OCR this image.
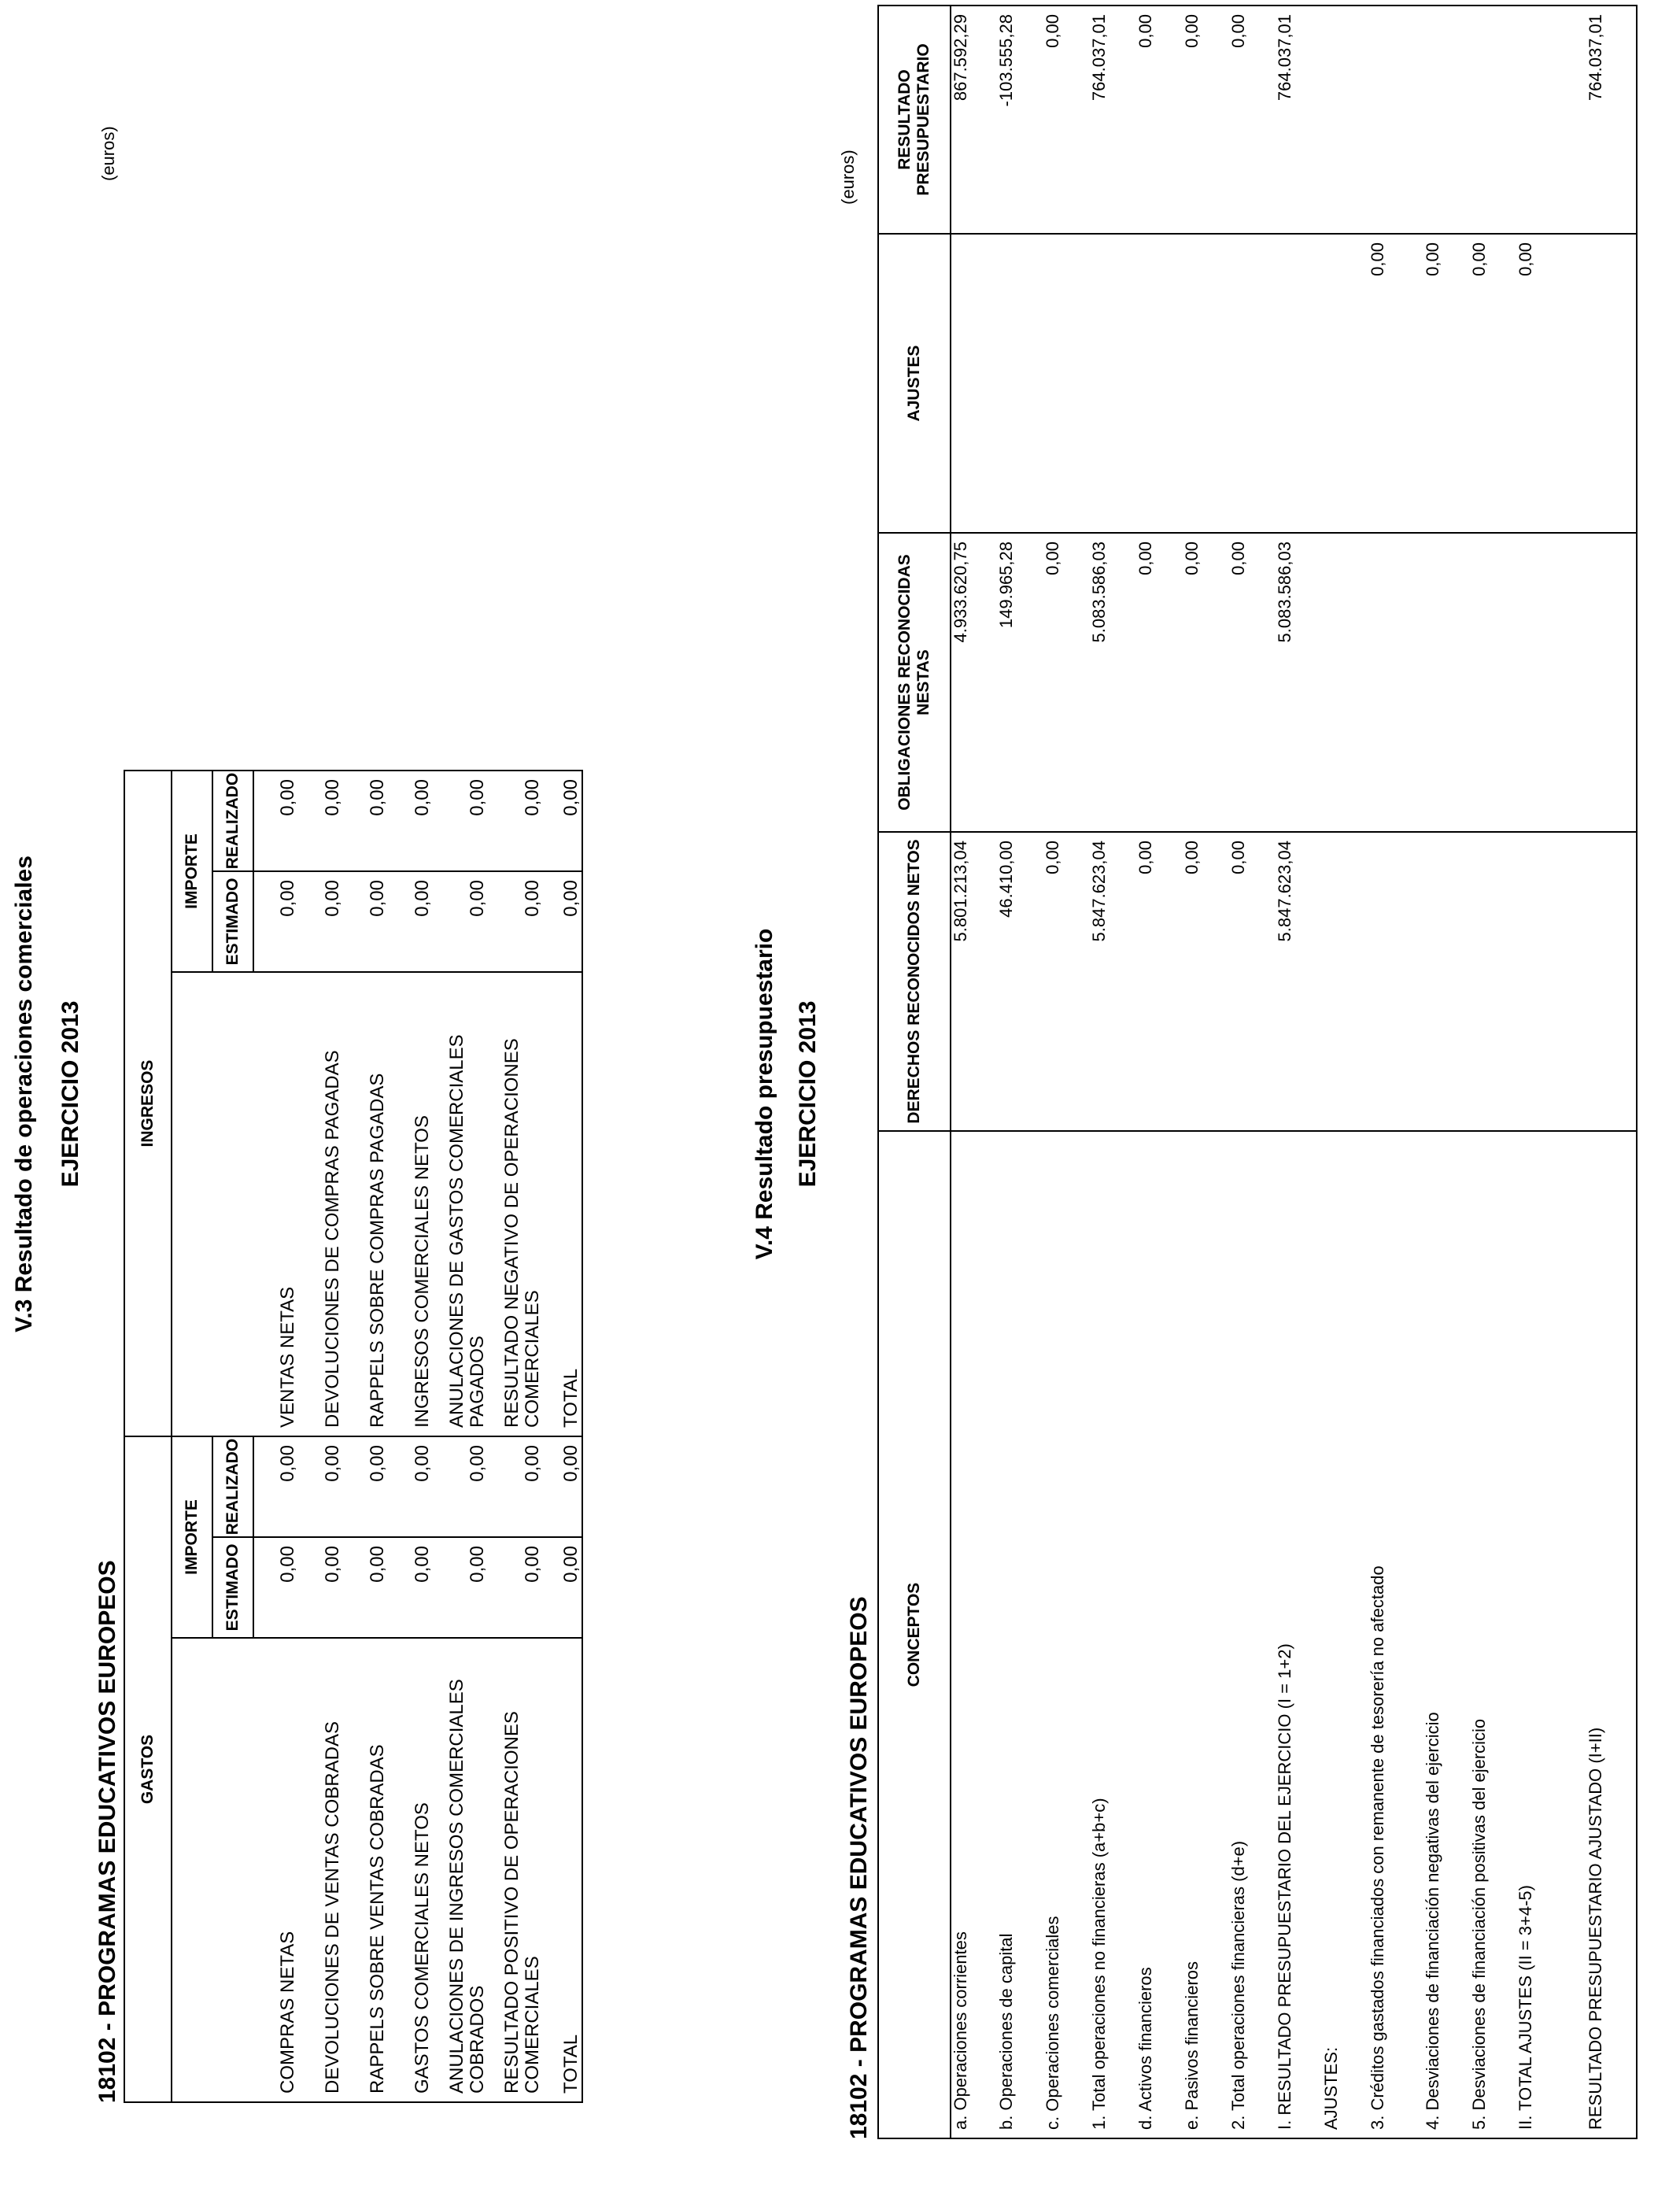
V.3 Resultado de operaciones comerciales EJERCICIO 2013
18102 - PROGRAMAS EDUCATIVOS EUROPEOS
(euros)
GASTOS			INGRESOS		
	IMPORTE			IMPORTE	
	ESTIMADO	REALIZADO		ESTIMADO	REALIZADO
COMPRAS NETAS	0,00	0,00	VENTAS NETAS	0,00	0,00
DEVOLUCIONES DE VENTAS COBRADAS	0,00	0,00	DEVOLUCIONES DE COMPRAS PAGADAS	0,00	0,00
RAPPELS SOBRE VENTAS COBRADAS	0,00	0,00	RAPPELS SOBRE COMPRAS PAGADAS	0,00	0,00
GASTOS COMERCIALES NETOS	0,00	0,00	INGRESOS COMERCIALES NETOS	0,00	0,00
ANULACIONES DE INGRESOS COMERCIALES COBRADOS	0,00	0,00	ANULACIONES DE GASTOS COMERCIALES PAGADOS	0,00	0,00
RESULTADO POSITIVO DE OPERACIONES COMERCIALES	0,00	0,00	RESULTADO NEGATIVO DE OPERACIONES COMERCIALES	0,00	0,00
TOTAL	0,00	0,00	TOTAL	0,00	0,00
V.4 Resultado presupuestario EJERCICIO 2013
18102 - PROGRAMAS EDUCATIVOS EUROPEOS
(euros)
CONCEPTOS	DERECHOS RECONOCIDOS NETOS	OBLIGACIONES RECONOCIDAS NESTAS	AJUSTES	RESULTADO PRESUPUESTARIO
a. Operaciones corrientes	5.801.213,04	4.933.620,75		867.592,29
b. Operaciones de capital	46.410,00	149.965,28		-103.555,28
c. Operaciones comerciales	0,00	0,00		0,00
1. Total operaciones no financieras (a+b+c)	5.847.623,04	5.083.586,03		764.037,01
d. Activos financieros	0,00	0,00		0,00
e. Pasivos financieros	0,00	0,00		0,00
2. Total operaciones financieras (d+e)	0,00	0,00		0,00
I. RESULTADO PRESUPUESTARIO DEL EJERCICIO (I = 1+2)	5.847.623,04	5.083.586,03		764.037,01
AJUSTES:				
3. Créditos gastados financiados con remanente de tesorería no afectado			0,00	
4. Desviaciones de financiación negativas del ejercicio			0,00	
5. Desviaciones de financiación positivas del ejercicio			0,00	
II. TOTAL AJUSTES (II = 3+4-5)			0,00	

RESULTADO PRESUPUESTARIO AJUSTADO (I+II)				764.037,01
